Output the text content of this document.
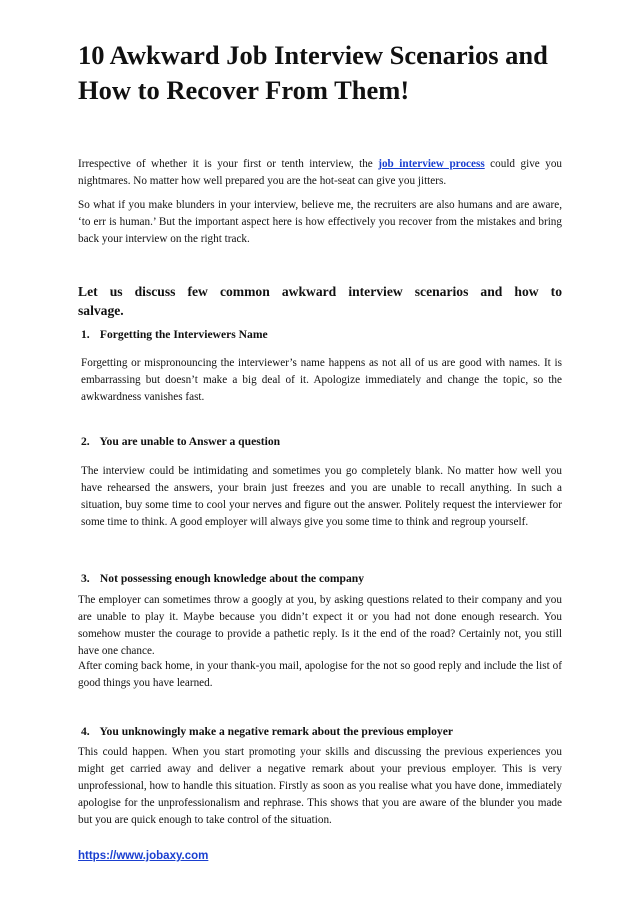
10 Awkward Job Interview Scenarios and How to Recover From Them!

Irrespective of whether it is your first or tenth interview, the job interview process could give you nightmares. No matter how well prepared you are the hot-seat can give you jitters.

So what if you make blunders in your interview, believe me, the recruiters are also humans and are aware, ‘to err is human.’ But the important aspect here is how effectively you recover from the mistakes and bring back your interview on the right track.

Let us discuss few common awkward interview scenarios and how to salvage.
1. Forgetting the Interviewers Name

Forgetting or mispronouncing the interviewer’s name happens as not all of us are good with names. It is embarrassing but doesn’t make a big deal of it. Apologize immediately and change the topic, so the awkwardness vanishes fast.

2. You are unable to Answer a question

The interview could be intimidating and sometimes you go completely blank. No matter how well you have rehearsed the answers, your brain just freezes and you are unable to recall anything. In such a situation, buy some time to cool your nerves and figure out the answer. Politely request the interviewer for some time to think. A good employer will always give you some time to think and regroup yourself.

3. Not possessing enough knowledge about the company

The employer can sometimes throw a googly at you, by asking questions related to their company and you are unable to play it. Maybe because you didn’t expect it or you had not done enough research. You somehow muster the courage to provide a pathetic reply. Is it the end of the road? Certainly not, you still have one chance.

After coming back home, in your thank-you mail, apologise for the not so good reply and include the list of good things you have learned.

4. You unknowingly make a negative remark about the previous employer

This could happen. When you start promoting your skills and discussing the previous experiences you might get carried away and deliver a negative remark about your previous employer. This is very unprofessional, how to handle this situation. Firstly as soon as you realise what you have done, immediately apologise for the unprofessionalism and rephrase. This shows that you are aware of the blunder you made but you are quick enough to take control of the situation.

https://www.jobaxy.com
